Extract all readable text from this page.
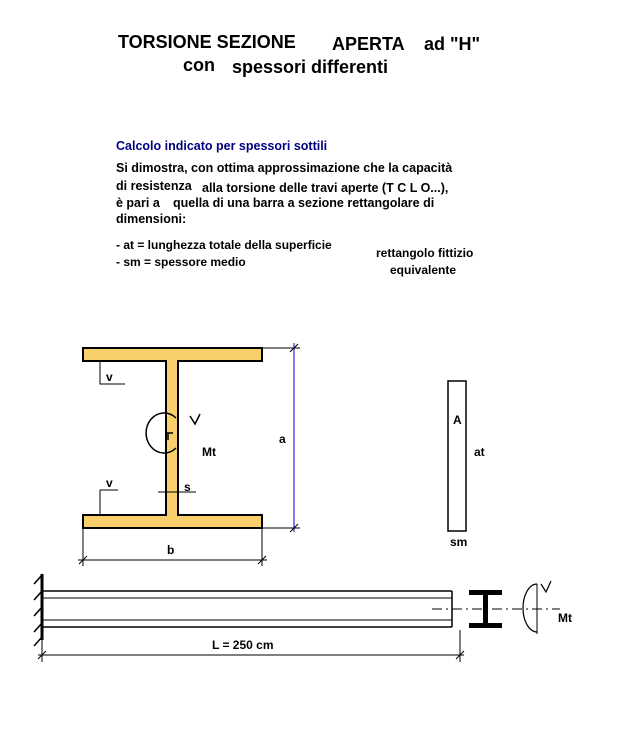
TORSIONE SEZIONE APERTA ad "H"
con spessori differenti
Calcolo indicato per spessori sottili
Si dimostra, con ottima approssimazione che la capacità
di resistenza alla torsione delle travi aperte (T C L O...),
è pari a quella di una barra a sezione rettangolare di
dimensioni:
- at = lunghezza totale della superficie
- sm = spessore medio
rettangolo fittizio
equivalente
v
v	s
a
b
Mt
A
at
sm
L = 250 cm
Mt
